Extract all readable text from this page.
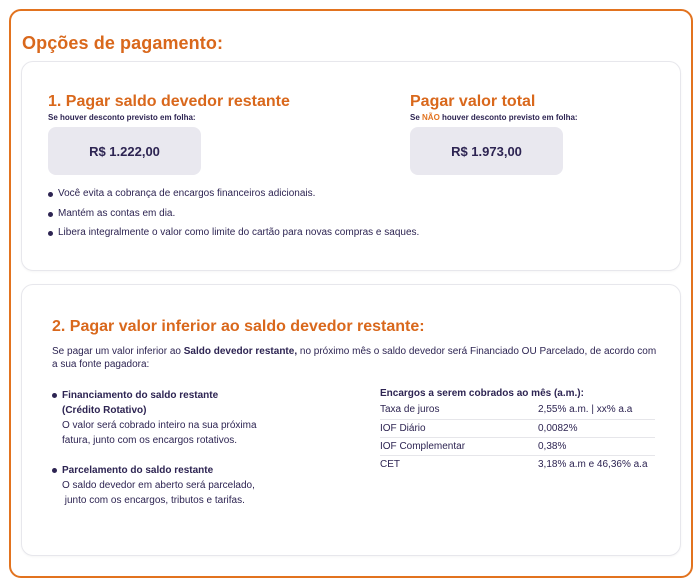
Opções de pagamento:
1. Pagar saldo devedor restante
Se houver desconto previsto em folha:
R$ 1.222,00
Pagar valor total
Se NÃO houver desconto previsto em folha:
R$ 1.973,00
Você evita a cobrança de encargos financeiros adicionais.
Mantém as contas em dia.
Libera integralmente o valor como limite do cartão para novas compras e saques.
2. Pagar valor inferior ao saldo devedor restante:
Se pagar um valor inferior ao Saldo devedor restante, no próximo mês o saldo devedor será Financiado OU Parcelado, de acordo com a sua fonte pagadora:
Financiamento do saldo restante
(Crédito Rotativo)
O valor será cobrado inteiro na sua próxima
fatura, junto com os encargos rotativos.
Parcelamento do saldo restante
O saldo devedor em aberto será parcelado,
junto com os encargos, tributos e tarifas.
Encargos a serem cobrados ao mês (a.m.):
Taxa de juros	2,55% a.m. | xx% a.a
IOF Diário	0,0082%
IOF Complementar	0,38%
CET	3,18% a.m e 46,36% a.a
